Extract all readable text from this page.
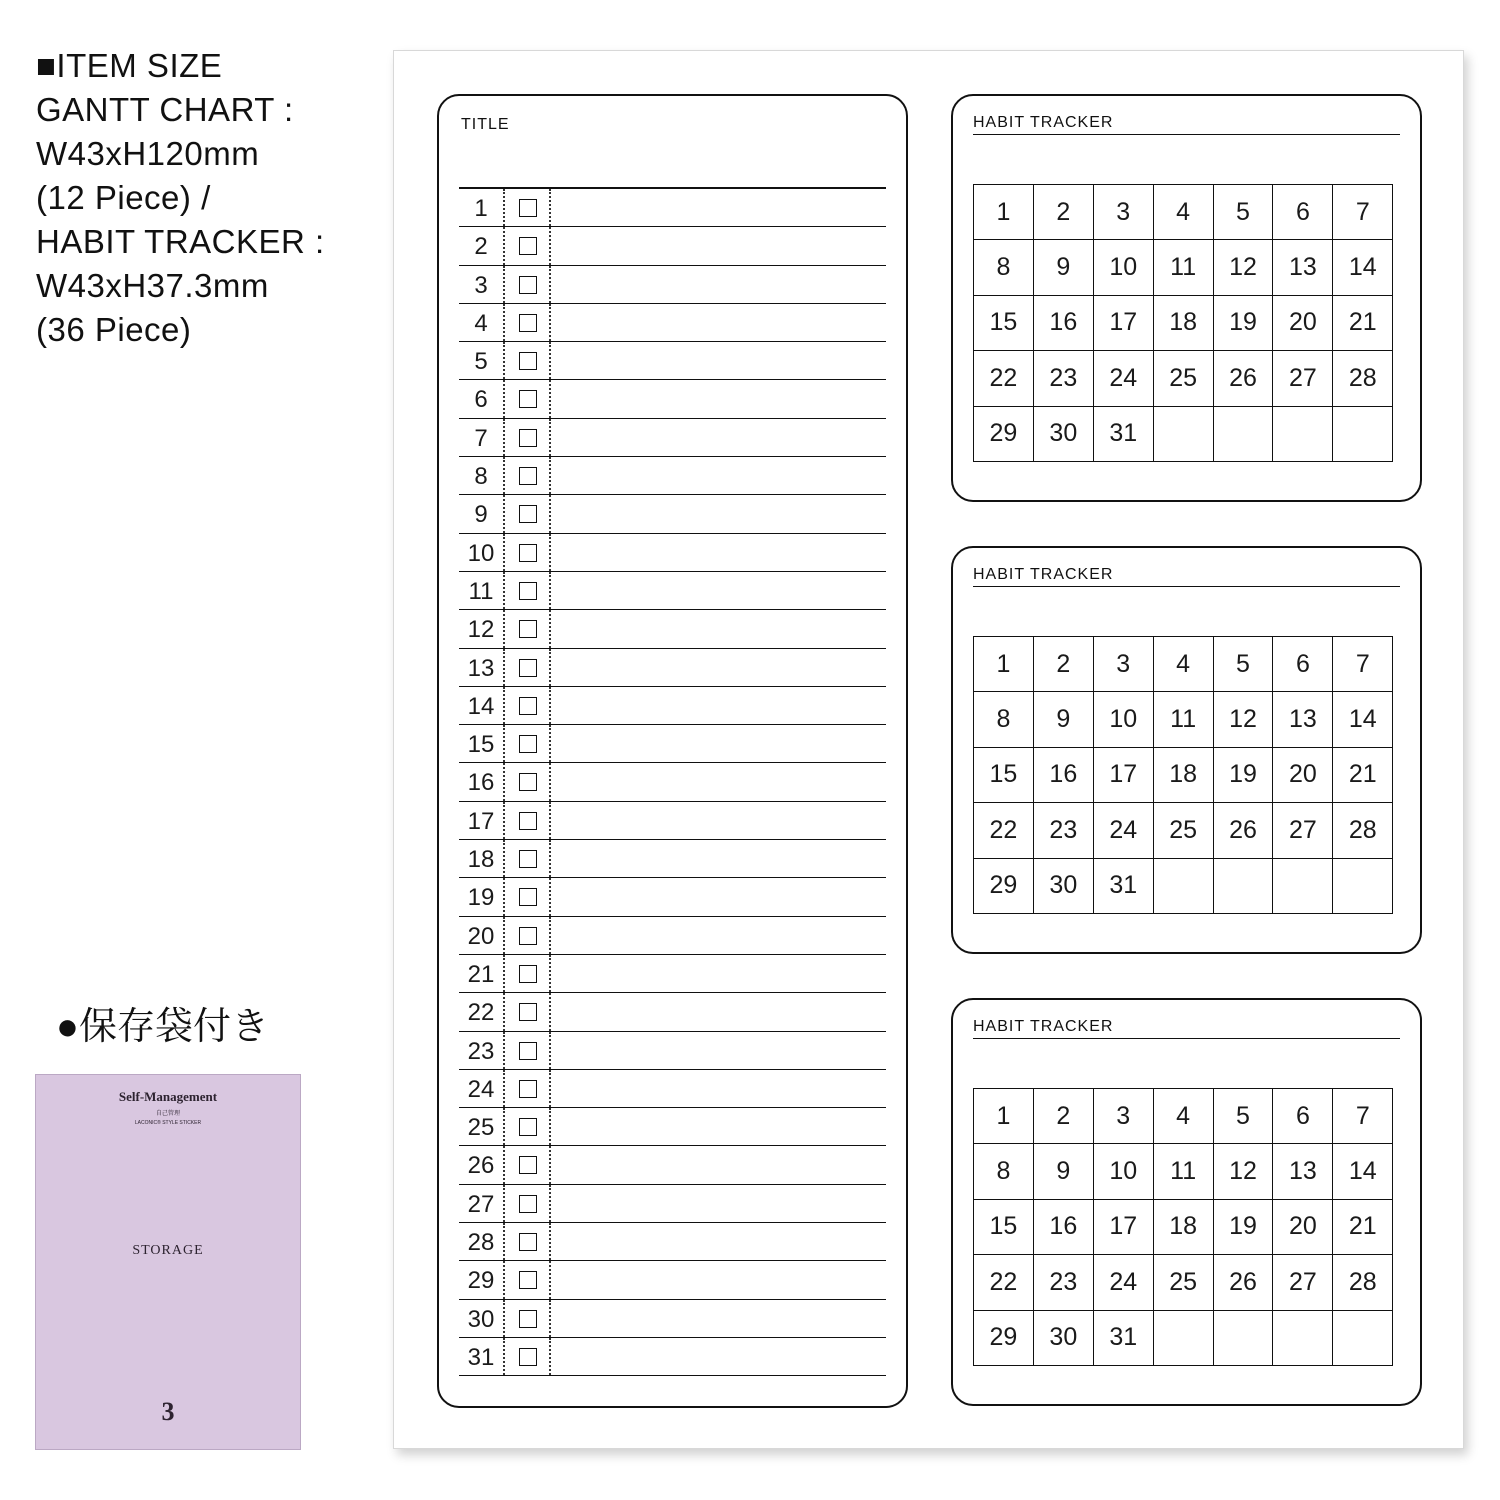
■ITEM SIZE
GANTT CHART :
W43xH120mm
(12 Piece) /
HABIT TRACKER :
W43xH37.3mm
(36 Piece)
●保存袋付き
Self-Management
自己管理
LACONIC® STYLE STICKER
STORAGE
3
TITLE
1
2
3
4
5
6
7
8
9
10
11
12
13
14
15
16
17
18
19
20
21
22
23
24
25
26
27
28
29
30
31
HABIT TRACKER
1	2	3	4	5	6	7
8	9	10	11	12	13	14
15	16	17	18	19	20	21
22	23	24	25	26	27	28
29	30	31				
HABIT TRACKER
1	2	3	4	5	6	7
8	9	10	11	12	13	14
15	16	17	18	19	20	21
22	23	24	25	26	27	28
29	30	31				
HABIT TRACKER
1	2	3	4	5	6	7
8	9	10	11	12	13	14
15	16	17	18	19	20	21
22	23	24	25	26	27	28
29	30	31				
